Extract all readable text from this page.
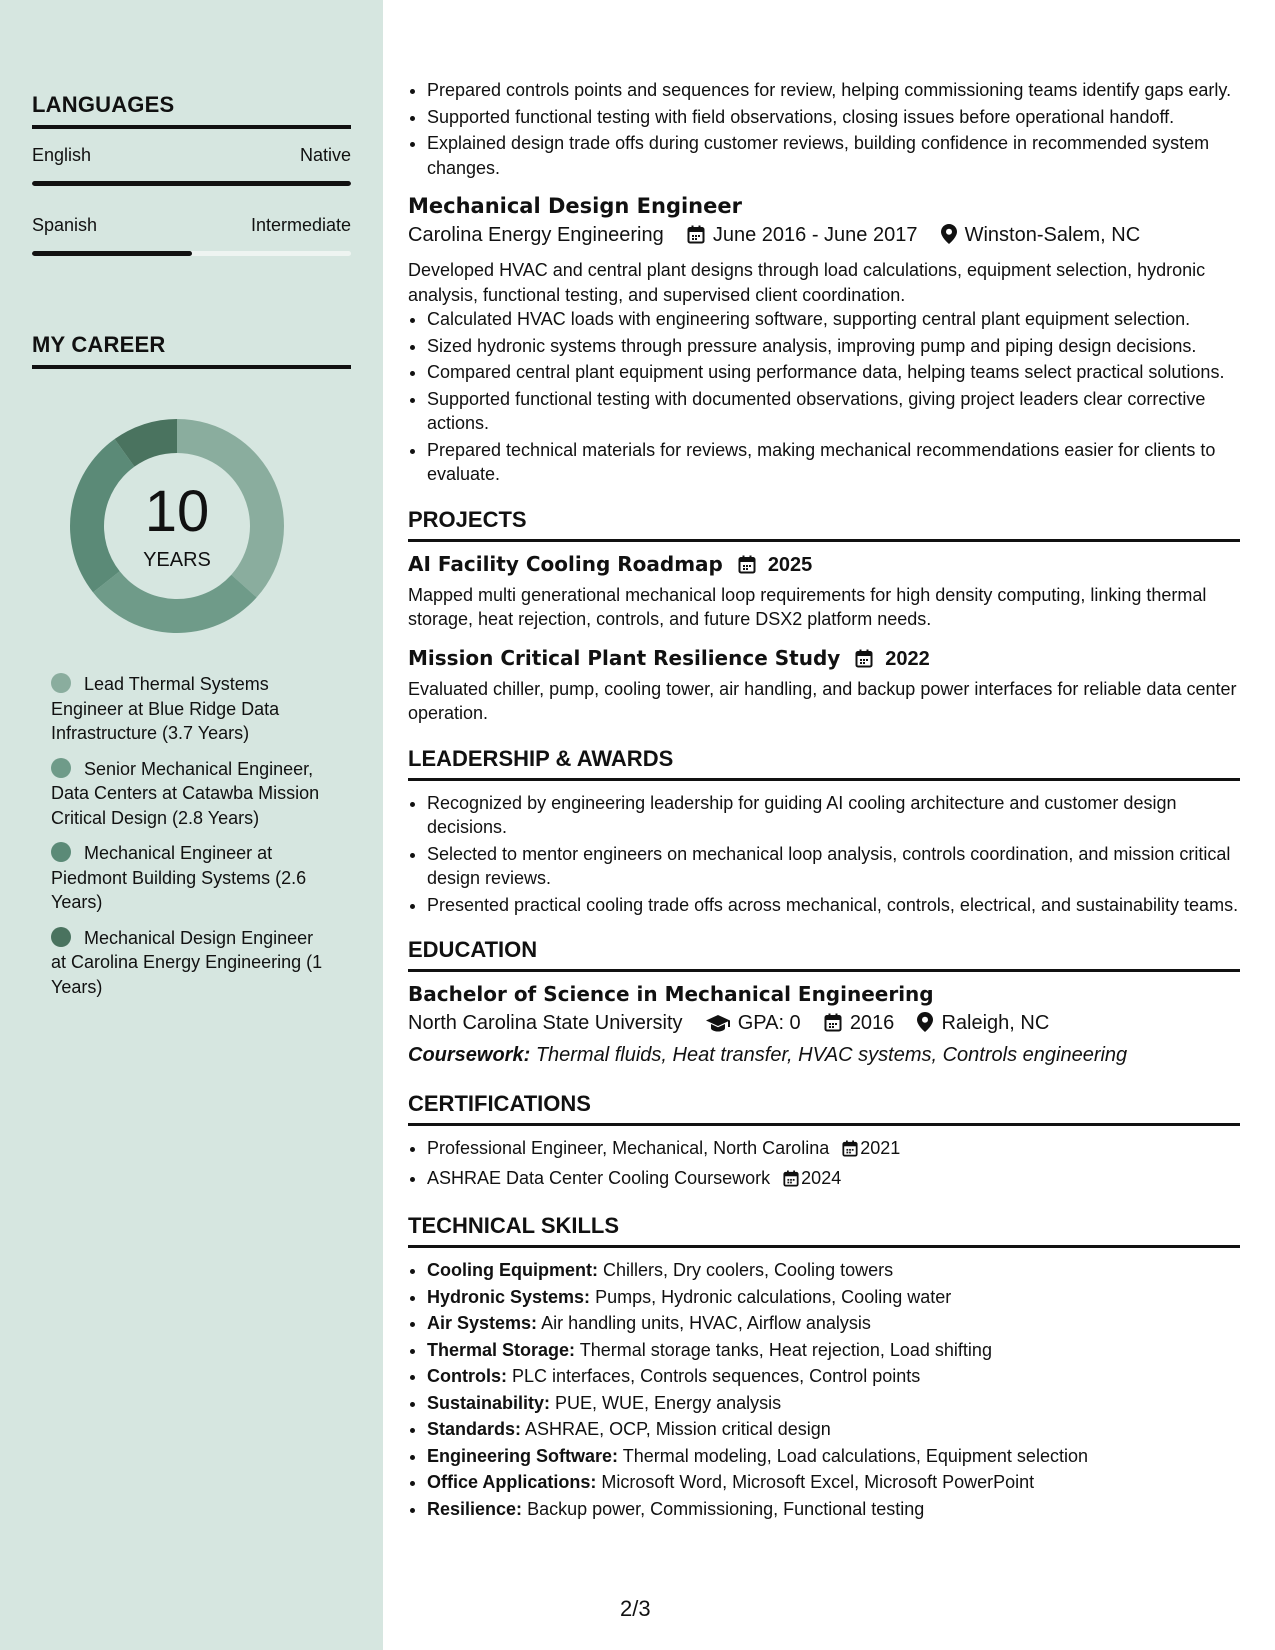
LANGUAGES
English	Native
Spanish	Intermediate
MY CAREER
10
YEARS
Lead Thermal Systems Engineer at Blue Ridge Data Infrastructure (3.7 Years)
Senior Mechanical Engineer, Data Centers at Catawba Mission Critical Design (2.8 Years)
Mechanical Engineer at Piedmont Building Systems (2.6 Years)
Mechanical Design Engineer at Carolina Energy Engineering (1 Years)
• Prepared controls points and sequences for review, helping commissioning teams identify gaps early.
• Supported functional testing with field observations, closing issues before operational handoff.
• Explained design trade offs during customer reviews, building confidence in recommended system changes.
Mechanical Design Engineer
Carolina Energy Engineering June 2016 - June 2017 Winston-Salem, NC
Developed HVAC and central plant designs through load calculations, equipment selection, hydronic analysis, functional testing, and supervised client coordination.
• Calculated HVAC loads with engineering software, supporting central plant equipment selection.
• Sized hydronic systems through pressure analysis, improving pump and piping design decisions.
• Compared central plant equipment using performance data, helping teams select practical solutions.
• Supported functional testing with documented observations, giving project leaders clear corrective actions.
• Prepared technical materials for reviews, making mechanical recommendations easier for clients to evaluate.
PROJECTS
AI Facility Cooling Roadmap 2025
Mapped multi generational mechanical loop requirements for high density computing, linking thermal storage, heat rejection, controls, and future DSX2 platform needs.
Mission Critical Plant Resilience Study 2022
Evaluated chiller, pump, cooling tower, air handling, and backup power interfaces for reliable data center operation.
LEADERSHIP & AWARDS
• Recognized by engineering leadership for guiding AI cooling architecture and customer design decisions.
• Selected to mentor engineers on mechanical loop analysis, controls coordination, and mission critical design reviews.
• Presented practical cooling trade offs across mechanical, controls, electrical, and sustainability teams.
EDUCATION
Bachelor of Science in Mechanical Engineering
North Carolina State University	GPA: 0 2016 Raleigh, NC
Coursework: Thermal fluids, Heat transfer, HVAC systems, Controls engineering
CERTIFICATIONS
• Professional Engineer, Mechanical, North Carolina 2021
• ASHRAE Data Center Cooling Coursework 2024
TECHNICAL SKILLS
• Cooling Equipment: Chillers, Dry coolers, Cooling towers
• Hydronic Systems: Pumps, Hydronic calculations, Cooling water
• Air Systems: Air handling units, HVAC, Airflow analysis
• Thermal Storage: Thermal storage tanks, Heat rejection, Load shifting
• Controls: PLC interfaces, Controls sequences, Control points
• Sustainability: PUE, WUE, Energy analysis
• Standards: ASHRAE, OCP, Mission critical design
• Engineering Software: Thermal modeling, Load calculations, Equipment selection
• Office Applications: Microsoft Word, Microsoft Excel, Microsoft PowerPoint
• Resilience: Backup power, Commissioning, Functional testing
2/3
